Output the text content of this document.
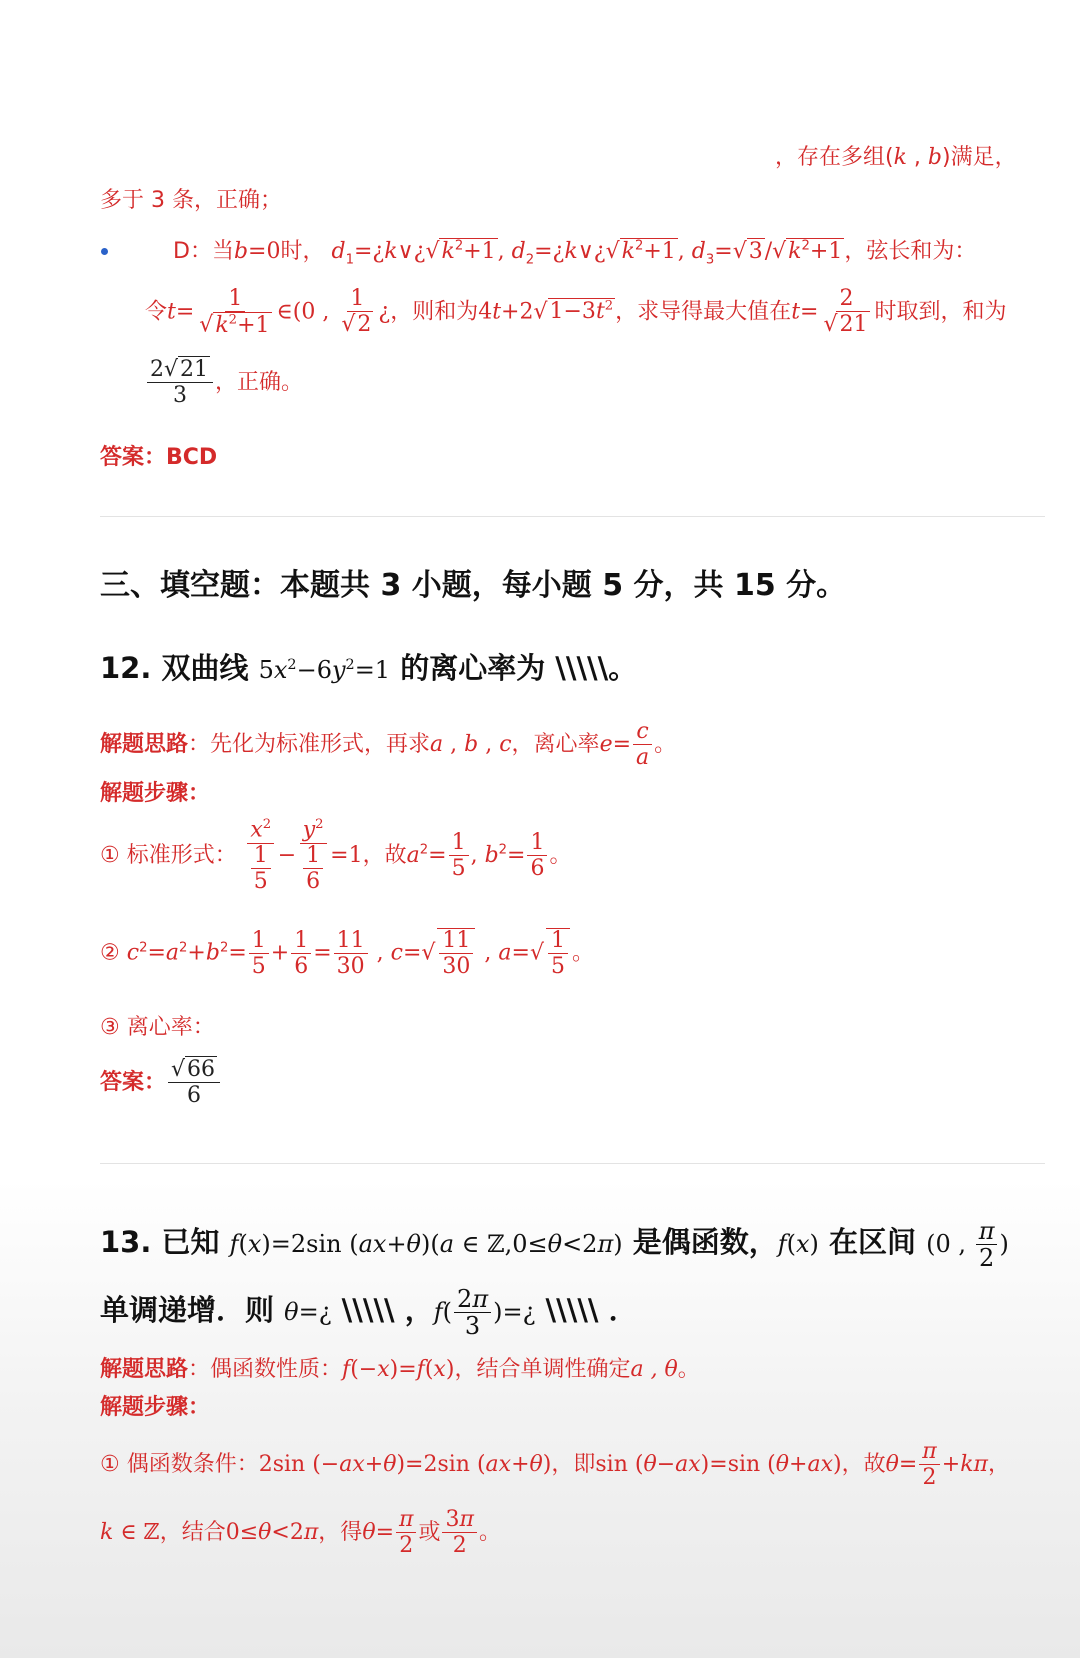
，存在多组(k , b)满足，
多于 3 条，正确；
D：当b=0时， $d_1=¿k\vee¿√k^2+1$, $d_2=¿k\vee¿√k^2+1$, $d_3=√3/√k^2+1$，弦长和为：
令$t= \frac{1}{√k^2+1}$ ∈(0 , $\frac{1}{√2}$ ¿，则和为$4t+2√1-3t^2$，求导得最大值在$t= \frac{2}{√21}$ 时取到，和为
$\frac{2√21}{3}$ ，正确。
答案：BCD
三、填空题：本题共 3 小题，每小题 5 分，共 15 分。
12. 双曲线 $5x^2-6y^2=1$ 的离心率为 \\\\\。
解题思路：先化为标准形式，再求a , b , c，离心率$e= \frac{c}{a}$ 。
解题步骤：
① 标准形式： $\frac{x^2}{\frac{1}{5}} - \frac{y^2}{\frac{1}{6}} =1$，故$a^2= \frac{1}{5}$ , $b^2= \frac{1}{6}$ 。
② $c^2=a^2+b^2= \frac{1}{5} + \frac{1}{6} = \frac{11}{30}$ , $c=√ \frac{11}{30}$ , $a=√ \frac{1}{5}$ 。
③ 离心率：
答案： $\frac{√66}{6}$
13. 已知 f(x)=2sin (ax+θ)(a ∈ ℤ,0≤θ<2π) 是偶函数，f(x) 在区间 (0 , $\frac{\pi}{2}$ )
单调递增．则 θ=¿ \\\\\ ，$f( \frac{2\pi}{3}$ )=¿ \\\\\ ．
解题思路：偶函数性质：f(−x)=f(x)，结合单调性确定a , θ。
解题步骤：
① 偶函数条件：2sin (−ax+θ)=2sin (ax+θ)，即sin (θ−ax)=sin (θ+ax)，故$\theta= \frac{\pi}{2} +k\pi$，
k ∈ ℤ，结合0≤θ<2π，得$\theta= \frac{\pi}{2}$ 或 $\frac{3\pi}{2}$ 。
